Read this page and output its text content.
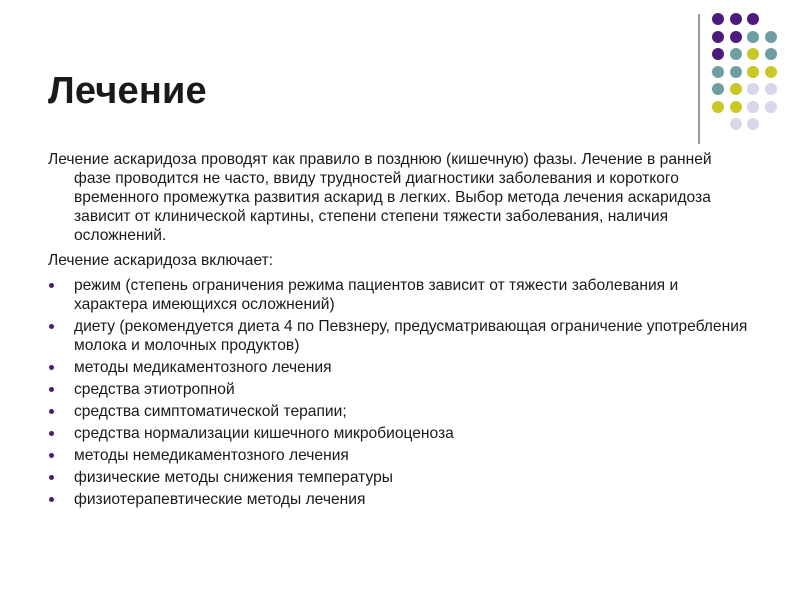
Лечение

Лечение аскаридоза проводят как правило в позднюю (кишечную) фазы. Лечение в ранней фазе проводится не часто, ввиду трудностей диагностики заболевания и короткого временного промежутка развития аскарид в легких. Выбор метода лечения аскаридоза зависит от клинической картины, степени степени тяжести заболевания, наличия осложнений.

Лечение аскаридоза включает:

режим (степень ограничения режима пациентов зависит от тяжести заболевания и характера имеющихся осложнений)
диету (рекомендуется диета 4 по Певзнеру, предусматривающая ограничение употребления молока и молочных продуктов)
методы медикаментозного лечения
средства этиотропной
средства симптоматической терапии;
средства нормализации кишечного микробиоценоза
методы немедикаментозного лечения
физические методы снижения температуры
физиотерапевтические методы лечения
